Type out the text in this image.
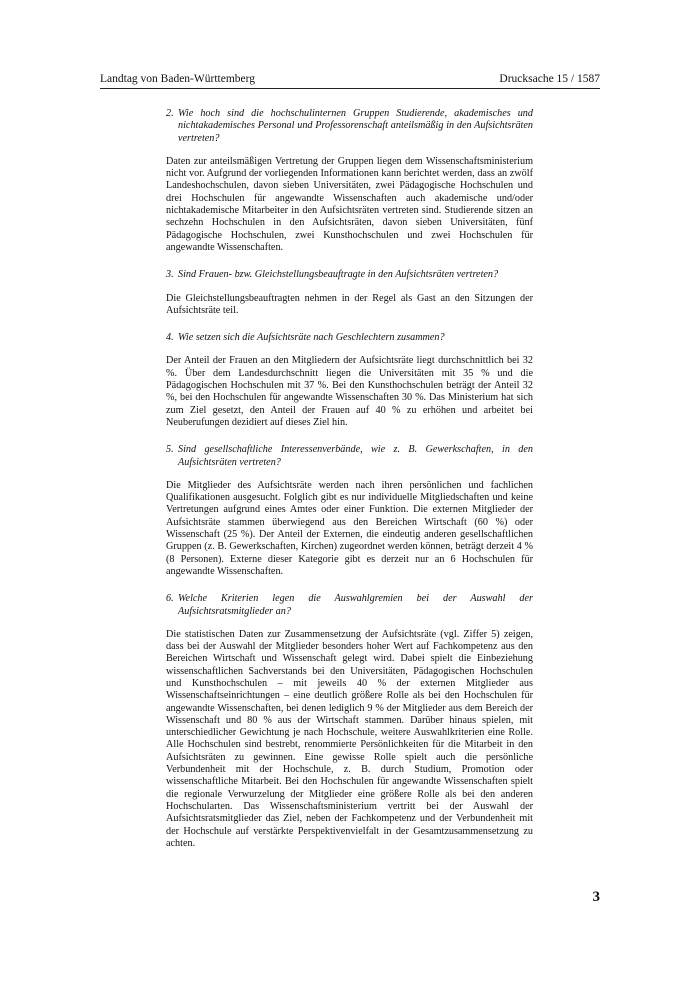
Landtag von Baden-Württemberg	Drucksache 15 / 1587
2. Wie hoch sind die hochschulinternen Gruppen Studierende, akademisches und nichtakademisches Personal und Professorenschaft anteilsmäßig in den Aufsichtsräten vertreten?

Daten zur anteilsmäßigen Vertretung der Gruppen liegen dem Wissenschaftsministerium nicht vor. Aufgrund der vorliegenden Informationen kann berichtet werden, dass an zwölf Landeshochschulen, davon sieben Universitäten, zwei Pädagogische Hochschulen und drei Hochschulen für angewandte Wissenschaften auch akademische und/oder nichtakademische Mitarbeiter in den Aufsichtsräten vertreten sind. Studierende sitzen an sechzehn Hochschulen in den Aufsichtsräten, davon sieben Universitäten, fünf Pädagogische Hochschulen, zwei Kunsthochschulen und zwei Hochschulen für angewandte Wissenschaften.

3. Sind Frauen- bzw. Gleichstellungsbeauftragte in den Aufsichtsräten vertreten?

Die Gleichstellungsbeauftragten nehmen in der Regel als Gast an den Sitzungen der Aufsichtsräte teil.

4. Wie setzen sich die Aufsichtsräte nach Geschlechtern zusammen?

Der Anteil der Frauen an den Mitgliedern der Aufsichtsräte liegt durchschnittlich bei 32 %. Über dem Landesdurchschnitt liegen die Universitäten mit 35 % und die Pädagogischen Hochschulen mit 37 %. Bei den Kunsthochschulen beträgt der Anteil 32 %, bei den Hochschulen für angewandte Wissenschaften 30 %. Das Ministerium hat sich zum Ziel gesetzt, den Anteil der Frauen auf 40 % zu erhöhen und arbeitet bei Neuberufungen dezidiert auf dieses Ziel hin.

5. Sind gesellschaftliche Interessenverbände, wie z. B. Gewerkschaften, in den Aufsichtsräten vertreten?

Die Mitglieder des Aufsichtsräte werden nach ihren persönlichen und fachlichen Qualifikationen ausgesucht. Folglich gibt es nur individuelle Mitgliedschaften und keine Vertretungen aufgrund eines Amtes oder einer Funktion. Die externen Mitglieder der Aufsichtsräte stammen überwiegend aus den Bereichen Wirtschaft (60 %) oder Wissenschaft (25 %). Der Anteil der Externen, die eindeutig anderen gesellschaftlichen Gruppen (z. B. Gewerkschaften, Kirchen) zugeordnet werden können, beträgt derzeit 4 % (8 Personen). Externe dieser Kategorie gibt es derzeit nur an 6 Hochschulen für angewandte Wissenschaften.

6. Welche Kriterien legen die Auswahlgremien bei der Auswahl der Aufsichtsratsmitglieder an?

Die statistischen Daten zur Zusammensetzung der Aufsichtsräte (vgl. Ziffer 5) zeigen, dass bei der Auswahl der Mitglieder besonders hoher Wert auf Fachkompetenz aus den Bereichen Wirtschaft und Wissenschaft gelegt wird. Dabei spielt die Einbeziehung wissenschaftlichen Sachverstands bei den Universitäten, Pädagogischen Hochschulen und Kunsthochschulen – mit jeweils 40 % der externen Mitglieder aus Wissenschaftseinrichtungen – eine deutlich größere Rolle als bei den Hochschulen für angewandte Wissenschaften, bei denen lediglich 9 % der Mitglieder aus dem Bereich der Wissenschaft und 80 % aus der Wirtschaft stammen. Darüber hinaus spielen, mit unterschiedlicher Gewichtung je nach Hochschule, weitere Auswahlkriterien eine Rolle. Alle Hochschulen sind bestrebt, renommierte Persönlichkeiten für die Mitarbeit in den Aufsichtsräten zu gewinnen. Eine gewisse Rolle spielt auch die persönliche Verbundenheit mit der Hochschule, z. B. durch Studium, Promotion oder wissenschaftliche Mitarbeit. Bei den Hochschulen für angewandte Wissenschaften spielt die regionale Verwurzelung der Mitglieder eine größere Rolle als bei den anderen Hochschularten. Das Wissenschaftsministerium vertritt bei der Auswahl der Aufsichtsratsmitglieder das Ziel, neben der Fachkompetenz und der Verbundenheit mit der Hochschule auf verstärkte Perspektivenvielfalt in der Gesamtzusammensetzung zu achten.

3
